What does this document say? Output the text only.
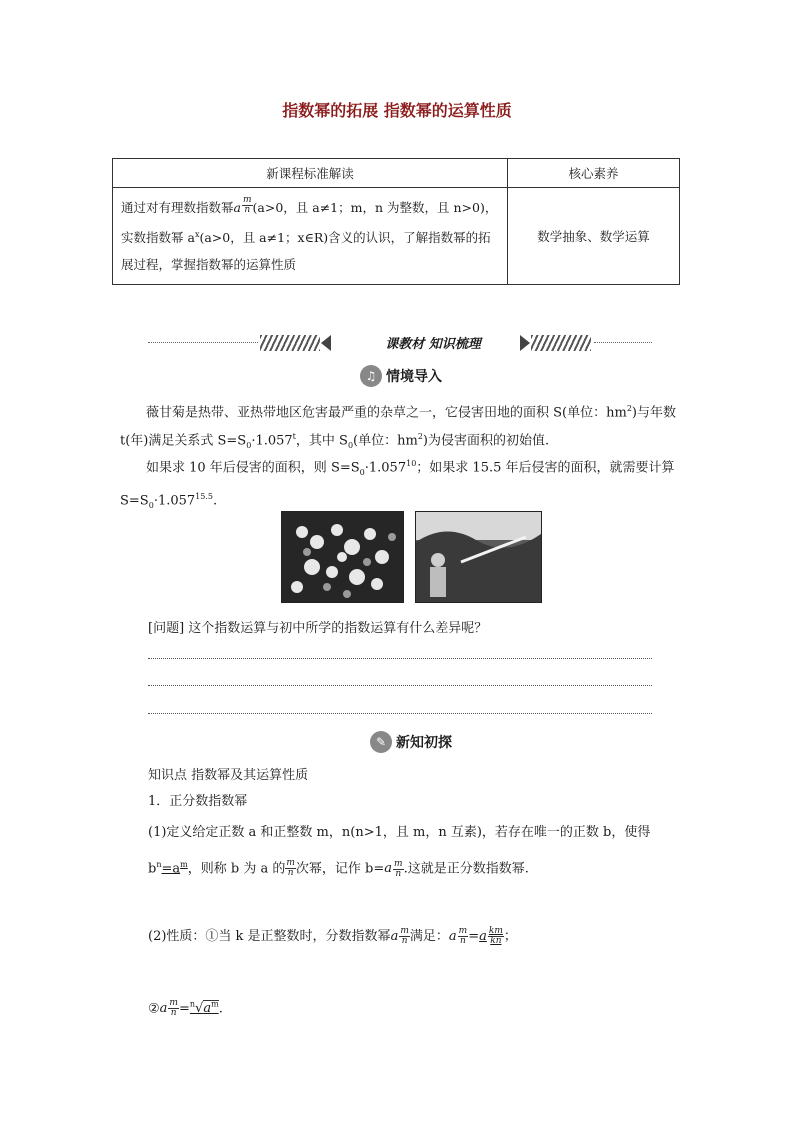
指数幂的拓展 指数幂的运算性质
新课程标准解读	核心素养
通过对有理数指数幂 a $\frac{m}{n} (a>0$，且 a≠1；m，n 为整数，且 n>0)，实数指数幂 $a^x(a>0$，且 a≠1；x∈R)含义的认识，了解指数幂的拓展过程，掌握指数幂的运算性质	数学抽象、数学运算
课教材 知识梳理
♫ 情境导入
薇甘菊是热带、亚热带地区危害最严重的杂草之一，它侵害田地的面积 S(单位：$hm^2$)与年数 t(年)满足关系式 $S=S_0\cdot 1.057^t$，其中 $S_0$(单位：$hm^2$)为侵害面积的初始值.
如果求 10 年后侵害的面积，则 $S=S_0\cdot 1.057^{10}$；如果求 15.5 年后侵害的面积，就需要计算 $S=S_0\cdot 1.057^{15.5}$.
[问题] 这个指数运算与初中所学的指数运算有什么差异呢？
✎ 新知初探
知识点 指数幂及其运算性质
1．正分数指数幂
(1)定义给定正数 a 和正整数 m，n(n>1，且 m，n 互素)，若存在唯一的正数 b，使得 $b^n=a^m$，则称 b 为 a 的 $\frac{m}{n}$ 次幂，记作 b= a $\frac{m}{n}$ .这就是正分数指数幂.
(2)性质：①当 k 是正整数时，分数指数幂 a $\frac{m}{n}$ 满足： a $\frac{m}{n} = a \frac{km}{kn}$ ；
② a $\frac{m}{n} =^n√a^m$.
